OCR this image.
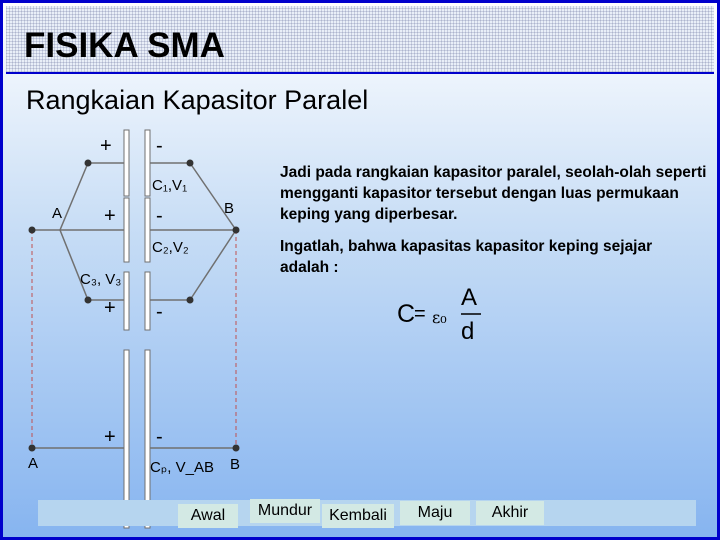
FISIKA SMA
Rangkaian Kapasitor Paralel
+ -
C₁,V₁
A + -	B
C₂,V₂
C₃, V₃
+ -
+ -
A	Cₚ, V_AB B
Jadi pada rangkaian kapasitor paralel, seolah-olah seperti mengganti kapasitor tersebut dengan luas permukaan keping yang diperbesar.
Ingatlah, bahwa kapasitas kapasitor keping sejajar adalah :
C
= ε₀
A
d
Awal	Mundur	Kembali	Maju	Akhir
